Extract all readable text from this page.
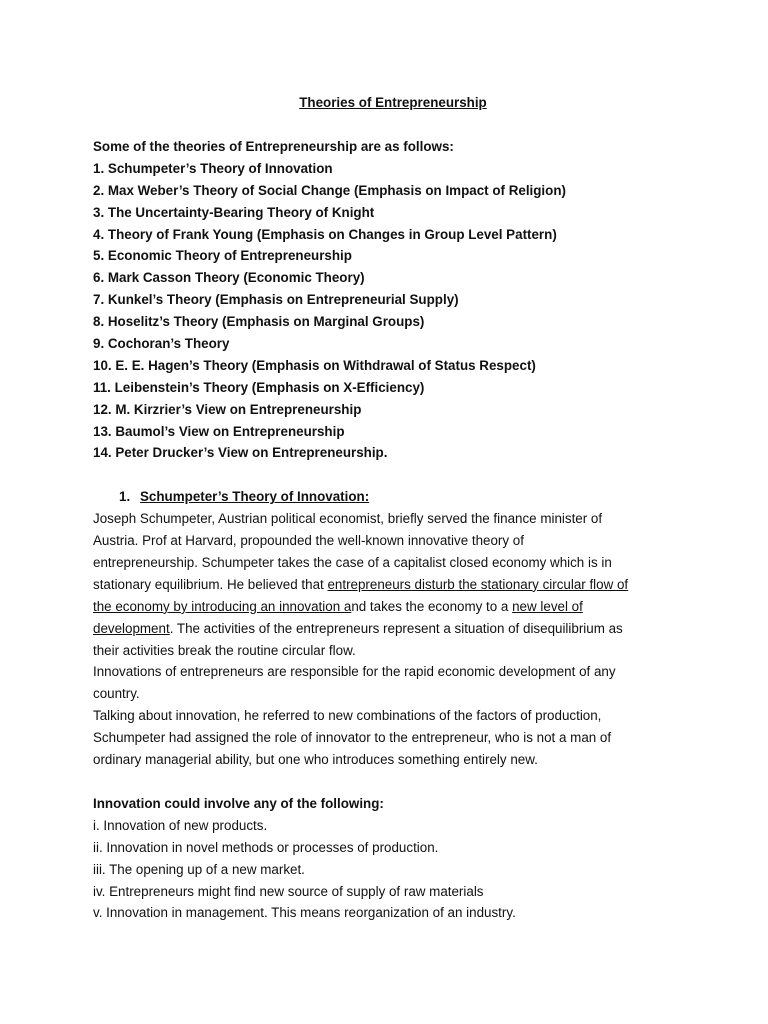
Theories of Entrepreneurship
Some of the theories of Entrepreneurship are as follows:
1. Schumpeter’s Theory of Innovation
2. Max Weber’s Theory of Social Change (Emphasis on Impact of Religion)
3. The Uncertainty-Bearing Theory of Knight
4. Theory of Frank Young (Emphasis on Changes in Group Level Pattern)
5. Economic Theory of Entrepreneurship
6. Mark Casson Theory (Economic Theory)
7. Kunkel’s Theory (Emphasis on Entrepreneurial Supply)
8. Hoselitz’s Theory (Emphasis on Marginal Groups)
9. Cochoran’s Theory
10. E. E. Hagen’s Theory (Emphasis on Withdrawal of Status Respect)
11. Leibenstein’s Theory (Emphasis on X-Efficiency)
12. M. Kirzrier’s View on Entrepreneurship
13. Baumol’s View on Entrepreneurship
14. Peter Drucker’s View on Entrepreneurship.
1. Schumpeter’s Theory of Innovation:
Joseph Schumpeter, Austrian political economist, briefly served the finance minister of
Austria. Prof at Harvard, propounded the well-known innovative theory of
entrepreneurship. Schumpeter takes the case of a capitalist closed economy which is in
stationary equilibrium. He believed that entrepreneurs disturb the stationary circular flow of
the economy by introducing an innovation and takes the economy to a new level of
development. The activities of the entrepreneurs represent a situation of disequilibrium as
their activities break the routine circular flow.
Innovations of entrepreneurs are responsible for the rapid economic development of any
country.
Talking about innovation, he referred to new combinations of the factors of production,
Schumpeter had assigned the role of innovator to the entrepreneur, who is not a man of
ordinary managerial ability, but one who introduces something entirely new.
Innovation could involve any of the following:
i. Innovation of new products.
ii. Innovation in novel methods or processes of production.
iii. The opening up of a new market.
iv. Entrepreneurs might find new source of supply of raw materials
v. Innovation in management. This means reorganization of an industry.
